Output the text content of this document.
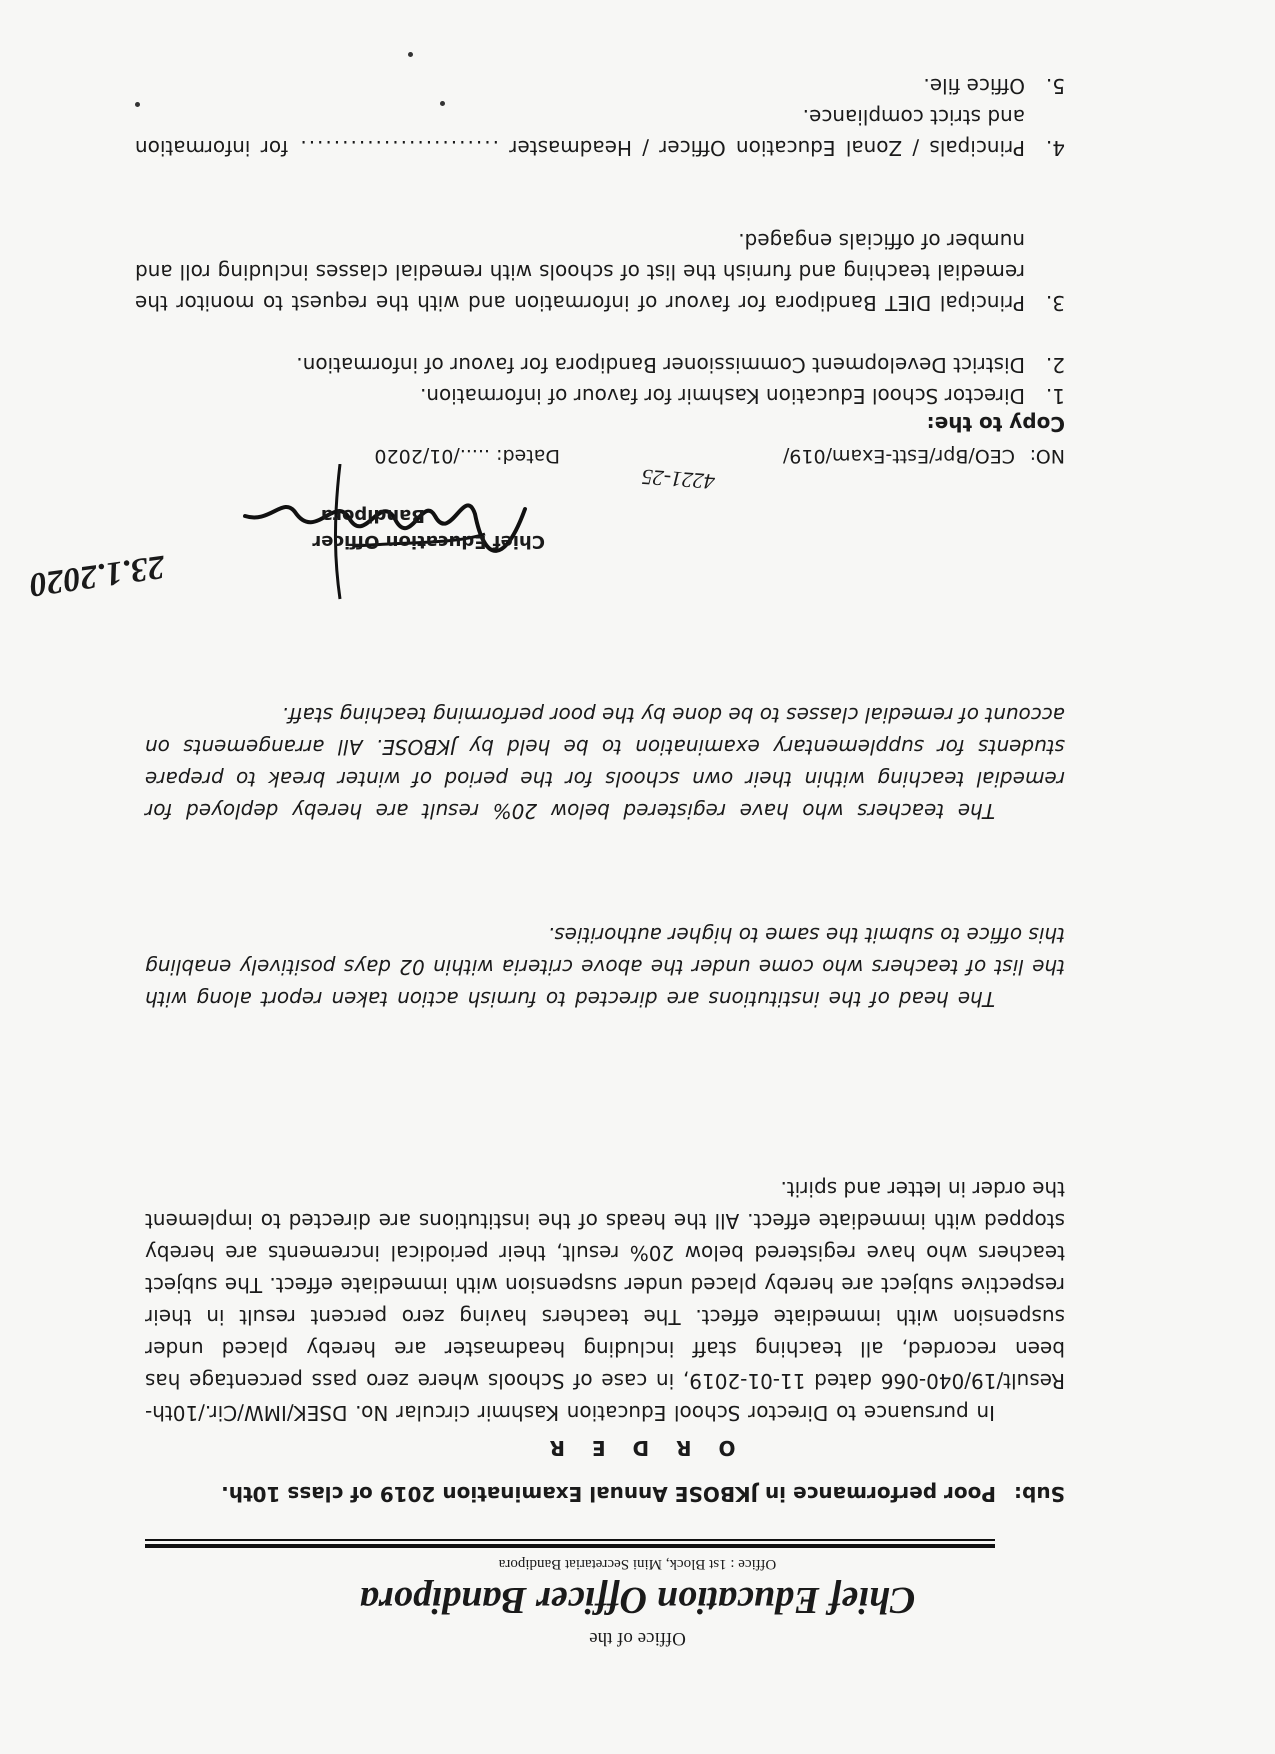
Office of the
Chief Education Officer Bandipora
Office : 1st Block, Mini Secretariat Bandipora
Sub:Poor performance in JKBOSE Annual Examination 2019 of class 10th.
O R D E R
In pursuance to Director School Education Kashmir circular No. DSEK/IMW/Cir./10th-Result/19/040-066 dated 11-01-2019, in case of Schools where zero pass percentage has been recorded, all teaching staff including headmaster are hereby placed under suspension with immediate effect. The teachers having zero percent result in their respective subject are hereby placed under suspension with immediate effect. The subject teachers who have registered below 20% result, their periodical increments are hereby stopped with immediate effect. All the heads of the institutions are directed to implement the order in letter and spirit.
The head of the institutions are directed to furnish action taken report along with the list of teachers who come under the above criteria within 02 days positively enabling this office to submit the same to higher authorities.
The teachers who have registered below 20% result are hereby deployed for remedial teaching within their own schools for the period of winter break to prepare students for supplementary examination to be held by JKBOSE. All arrangements on account of remedial classes to be done by the poor performing teaching staff.
23.1.2020
4221-25
Chief Education Officer
Bandipora
NO:
CEO/Bpr/Estt-Exam/019/
Dated:
...../01/2020
Copy to the:
1.
Director School Education Kashmir for favour of information.
2.
District Development Commissioner Bandipora for favour of information.
3.
Principal DIET Bandipora for favour of information and with the request to monitor the remedial teaching and furnish the list of schools with remedial classes including roll and number of officials engaged.
4.
Principals / Zonal Education Officer / Headmaster ........................ for information and strict compliance.
5.
Office file.
